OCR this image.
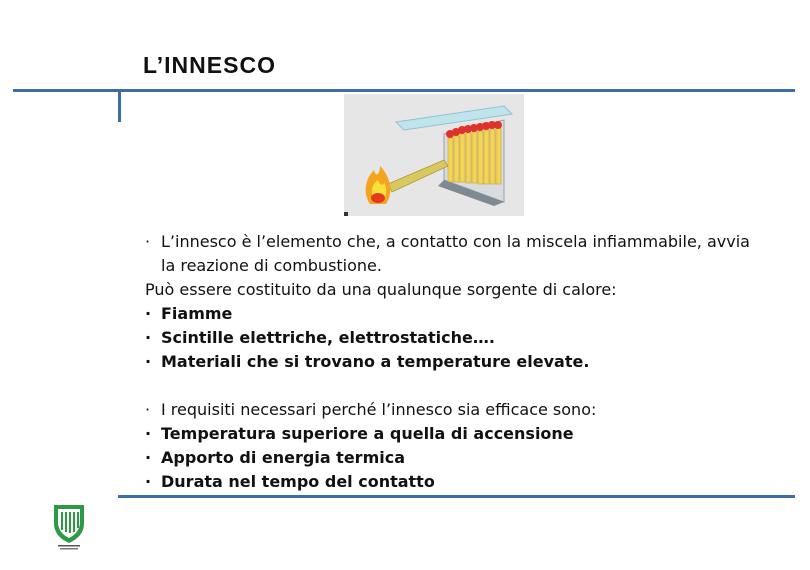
L’INNESCO
· L’innesco è l’elemento che, a contatto con la miscela infiammabile, avvia
la reazione di combustione.
Può essere costituito da una qualunque sorgente di calore:
· Fiamme
· Scintille elettriche, elettrostatiche….
· Materiali che si trovano a temperature elevate.
· I requisiti necessari perché l’innesco sia efficace sono:
· Temperatura superiore a quella di accensione
· Apporto di energia termica
· Durata nel tempo del contatto
